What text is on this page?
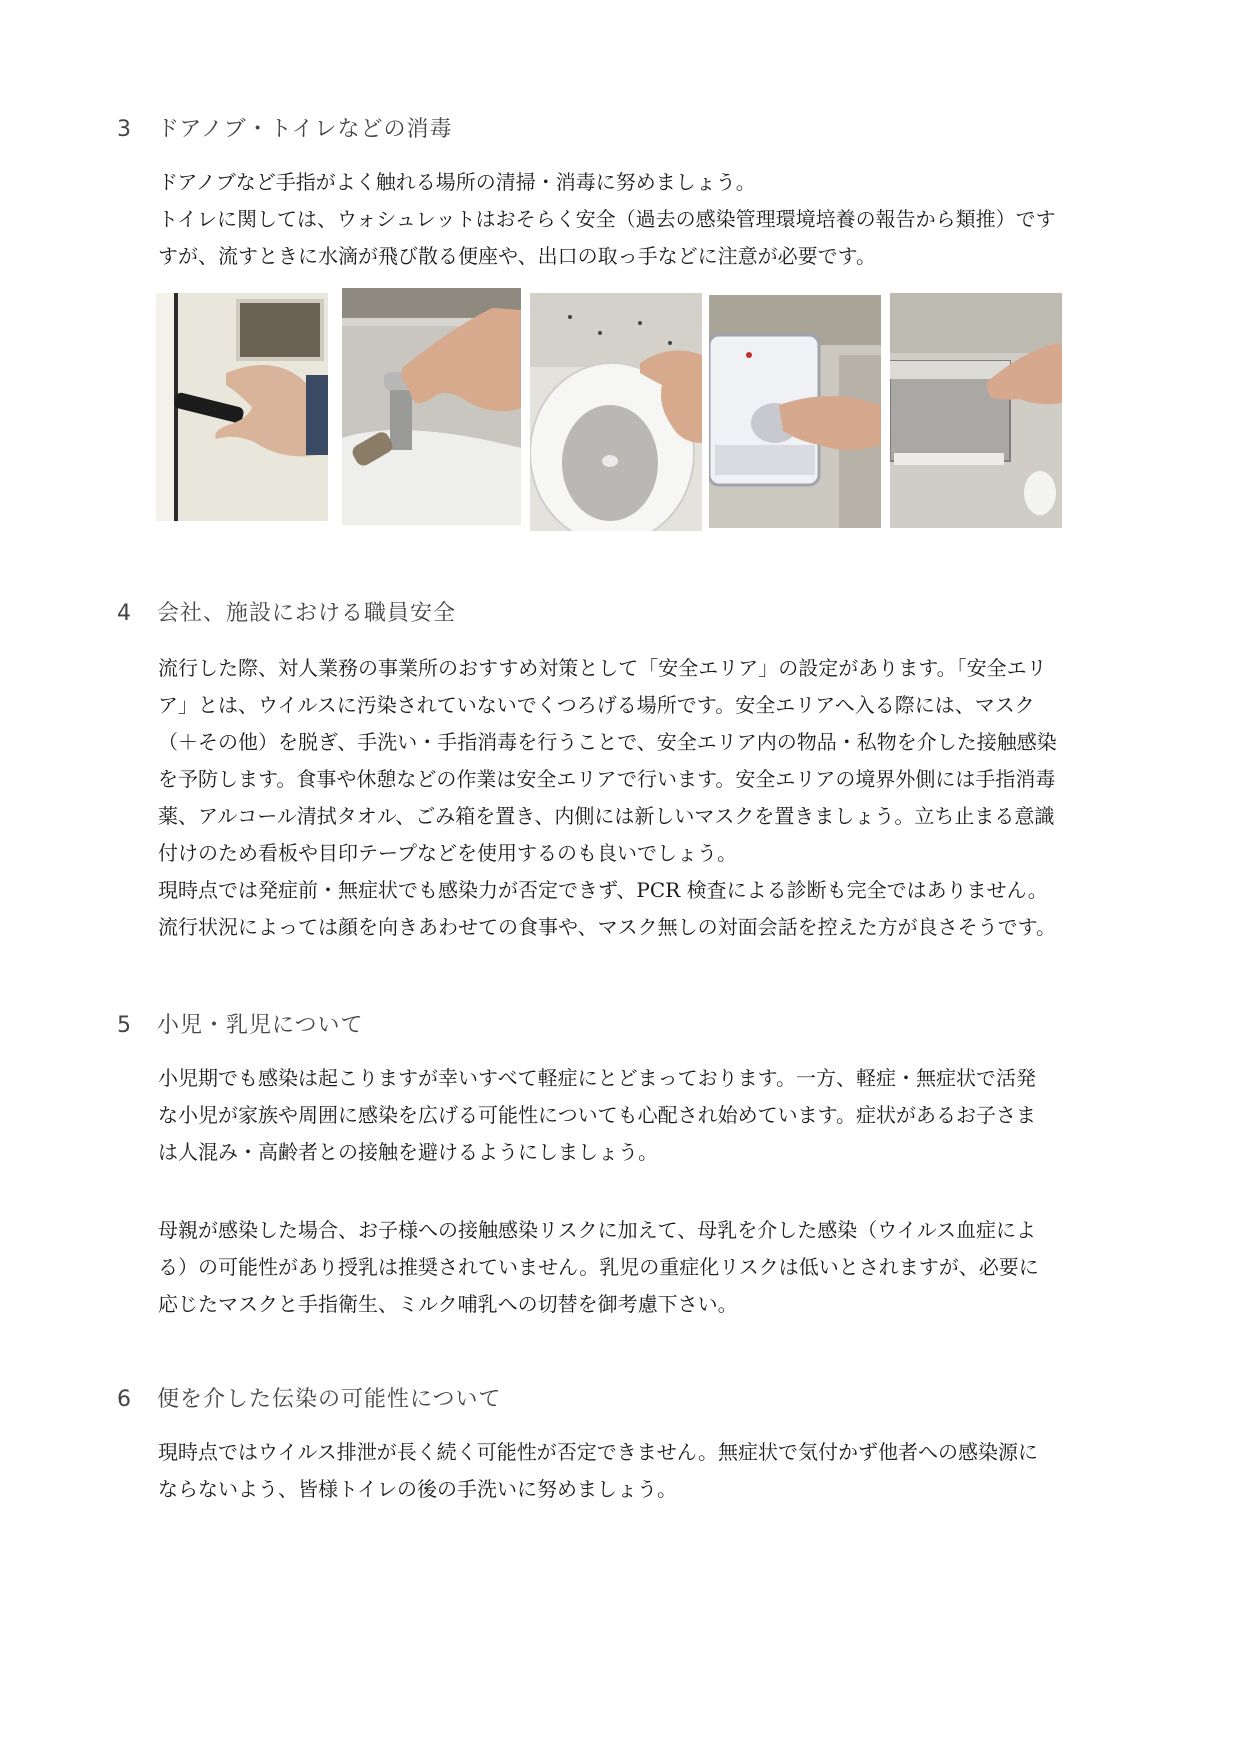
3 ドアノブ・トイレなどの消毒
ドアノブなど手指がよく触れる場所の清掃・消毒に努めましょう。
トイレに関しては、ウォシュレットはおそらく安全（過去の感染管理環境培養の報告から類推）です
すが、流すときに水滴が飛び散る便座や、出口の取っ手などに注意が必要です。
4 会社、施設における職員安全
流行した際、対人業務の事業所のおすすめ対策として「安全エリア」の設定があります。「安全エリ
ア」とは、ウイルスに汚染されていないでくつろげる場所です。安全エリアへ入る際には、マスク
（＋その他）を脱ぎ、手洗い・手指消毒を行うことで、安全エリア内の物品・私物を介した接触感染
を予防します。食事や休憩などの作業は安全エリアで行います。安全エリアの境界外側には手指消毒
薬、アルコール清拭タオル、ごみ箱を置き、内側には新しいマスクを置きましょう。立ち止まる意識
付けのため看板や目印テープなどを使用するのも良いでしょう。
現時点では発症前・無症状でも感染力が否定できず、PCR 検査による診断も完全ではありません。
流行状況によっては顔を向きあわせての食事や、マスク無しの対面会話を控えた方が良さそうです。
5 小児・乳児について
小児期でも感染は起こりますが幸いすべて軽症にとどまっております。一方、軽症・無症状で活発
な小児が家族や周囲に感染を広げる可能性についても心配され始めています。症状があるお子さま
は人混み・高齢者との接触を避けるようにしましょう。
母親が感染した場合、お子様への接触感染リスクに加えて、母乳を介した感染（ウイルス血症によ
る）の可能性があり授乳は推奨されていません。乳児の重症化リスクは低いとされますが、必要に
応じたマスクと手指衛生、ミルク哺乳への切替を御考慮下さい。
6 便を介した伝染の可能性について
現時点ではウイルス排泄が長く続く可能性が否定できません。無症状で気付かず他者への感染源に
ならないよう、皆様トイレの後の手洗いに努めましょう。
